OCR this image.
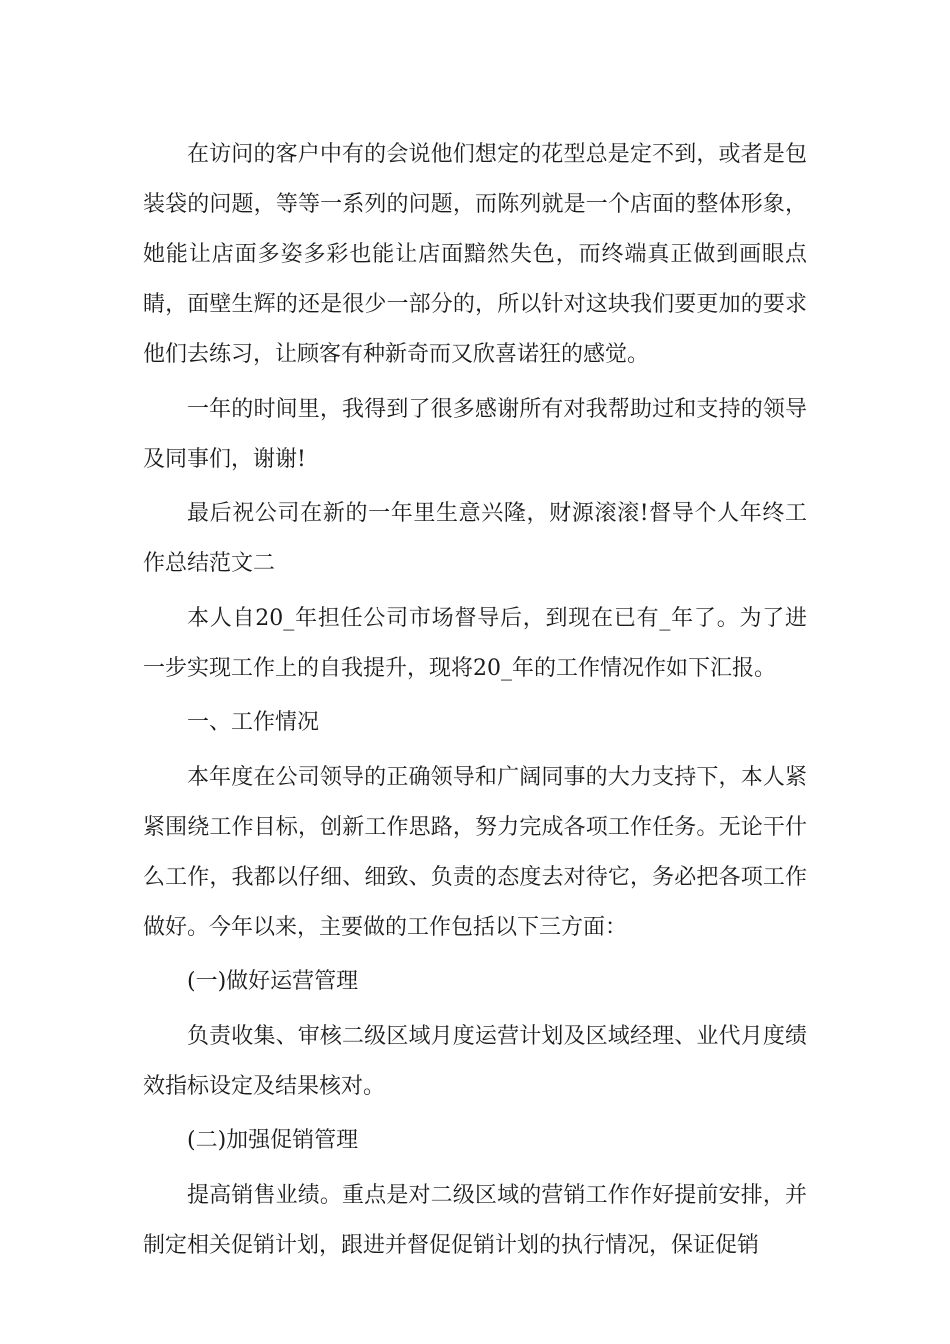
在访问的客户中有的会说他们想定的花型总是定不到，或者是包装袋的问题，等等一系列的问题，而陈列就是一个店面的整体形象，她能让店面多姿多彩也能让店面黯然失色，而终端真正做到画眼点睛，面壁生辉的还是很少一部分的，所以针对这块我们要更加的要求他们去练习，让顾客有种新奇而又欣喜诺狂的感觉。

一年的时间里，我得到了很多感谢所有对我帮助过和支持的领导及同事们，谢谢!

最后祝公司在新的一年里生意兴隆，财源滚滚!督导个人年终工作总结范文二

本人自20_年担任公司市场督导后，到现在已有_年了。为了进一步实现工作上的自我提升，现将20_年的工作情况作如下汇报。

一、工作情况

本年度在公司领导的正确领导和广阔同事的大力支持下，本人紧紧围绕工作目标，创新工作思路，努力完成各项工作任务。无论干什么工作，我都以仔细、细致、负责的态度去对待它，务必把各项工作做好。今年以来，主要做的工作包括以下三方面：

(一)做好运营管理

负责收集、审核二级区域月度运营计划及区域经理、业代月度绩效指标设定及结果核对。

(二)加强促销管理

提高销售业绩。重点是对二级区域的营销工作作好提前安排，并制定相关促销计划，跟进并督促促销计划的执行情况，保证促销
